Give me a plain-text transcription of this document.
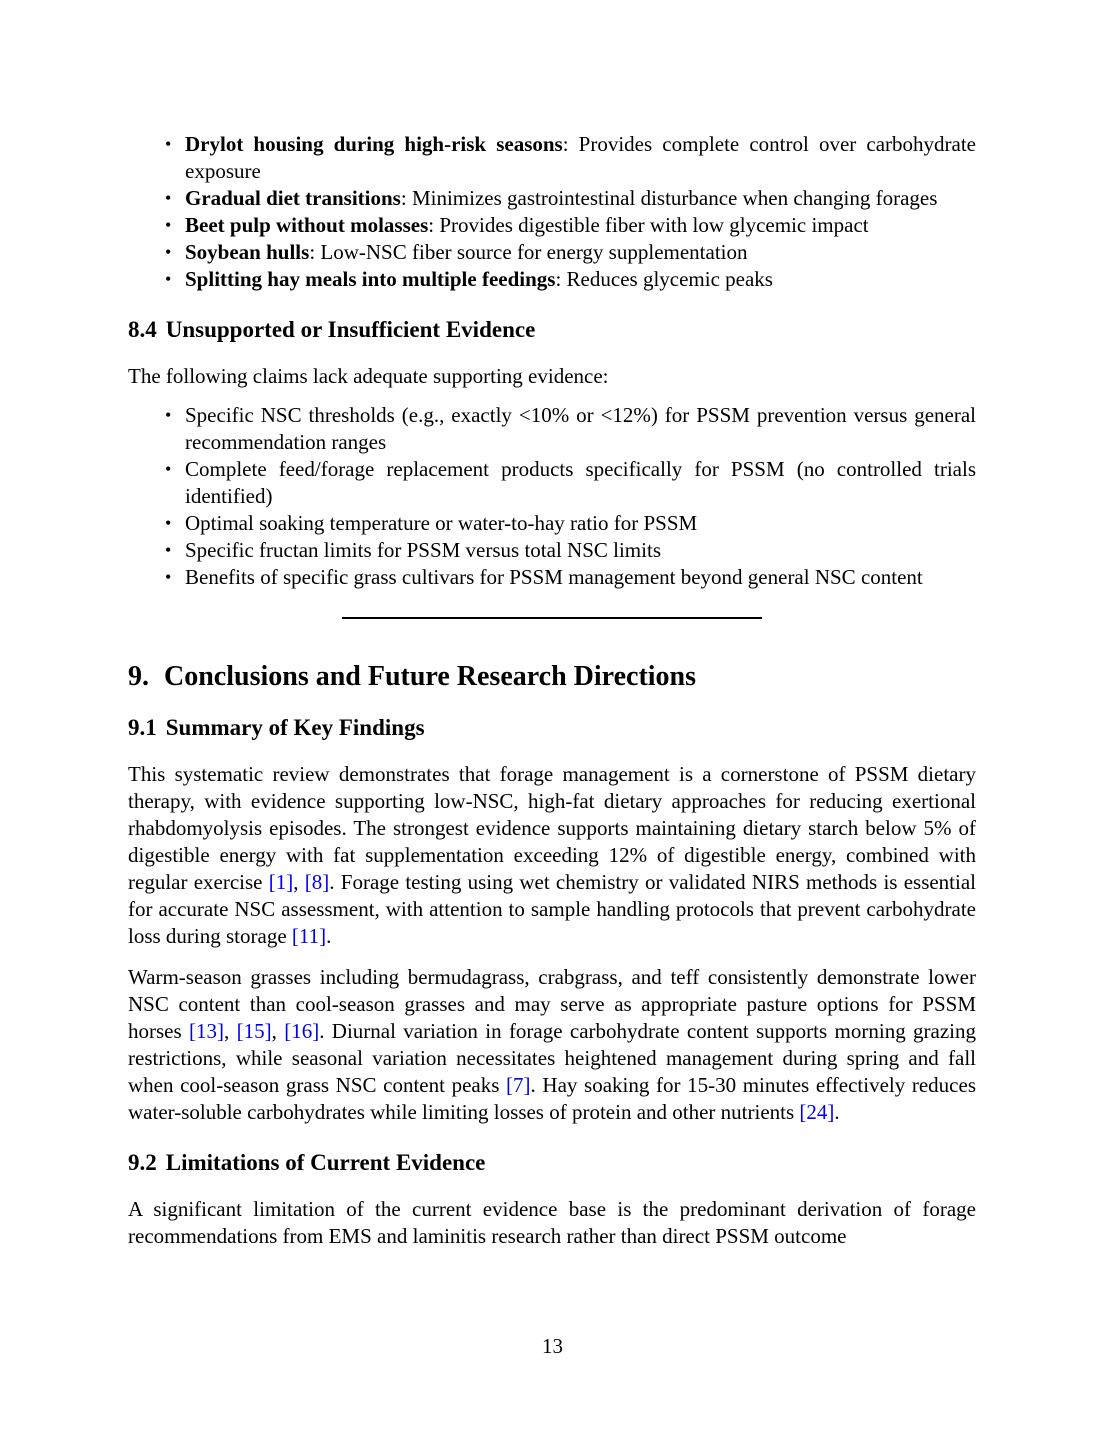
• Drylot housing during high-risk seasons: Provides complete control over carbohydrate exposure
• Gradual diet transitions: Minimizes gastrointestinal disturbance when changing forages
• Beet pulp without molasses: Provides digestible fiber with low glycemic impact
• Soybean hulls: Low-NSC fiber source for energy supplementation
• Splitting hay meals into multiple feedings: Reduces glycemic peaks
8.4 Unsupported or Insufficient Evidence

The following claims lack adequate supporting evidence:

• Specific NSC thresholds (e.g., exactly <10% or <12%) for PSSM prevention versus general recommendation ranges
• Complete feed/forage replacement products specifically for PSSM (no controlled trials identified)
• Optimal soaking temperature or water-to-hay ratio for PSSM
• Specific fructan limits for PSSM versus total NSC limits
• Benefits of specific grass cultivars for PSSM management beyond general NSC content
9. Conclusions and Future Research Directions
9.1 Summary of Key Findings

This systematic review demonstrates that forage management is a cornerstone of PSSM dietary therapy, with evidence supporting low-NSC, high-fat dietary approaches for reducing exertional rhabdomyolysis episodes. The strongest evidence supports maintaining dietary starch below 5% of digestible energy with fat supplementation exceeding 12% of digestible energy, combined with regular exercise [1], [8]. Forage testing using wet chemistry or validated NIRS methods is essential for accurate NSC assessment, with attention to sample handling protocols that prevent carbohydrate loss during storage [11].

Warm-season grasses including bermudagrass, crabgrass, and teff consistently demonstrate lower NSC content than cool-season grasses and may serve as appropriate pasture options for PSSM horses [13], [15], [16]. Diurnal variation in forage carbohydrate content supports morning grazing restrictions, while seasonal variation necessitates heightened management during spring and fall when cool-season grass NSC content peaks [7]. Hay soaking for 15-30 minutes effectively reduces water-soluble carbohydrates while limiting losses of protein and other nutrients [24].

9.2 Limitations of Current Evidence

A significant limitation of the current evidence base is the predominant derivation of forage recommendations from EMS and laminitis research rather than direct PSSM outcome

13
